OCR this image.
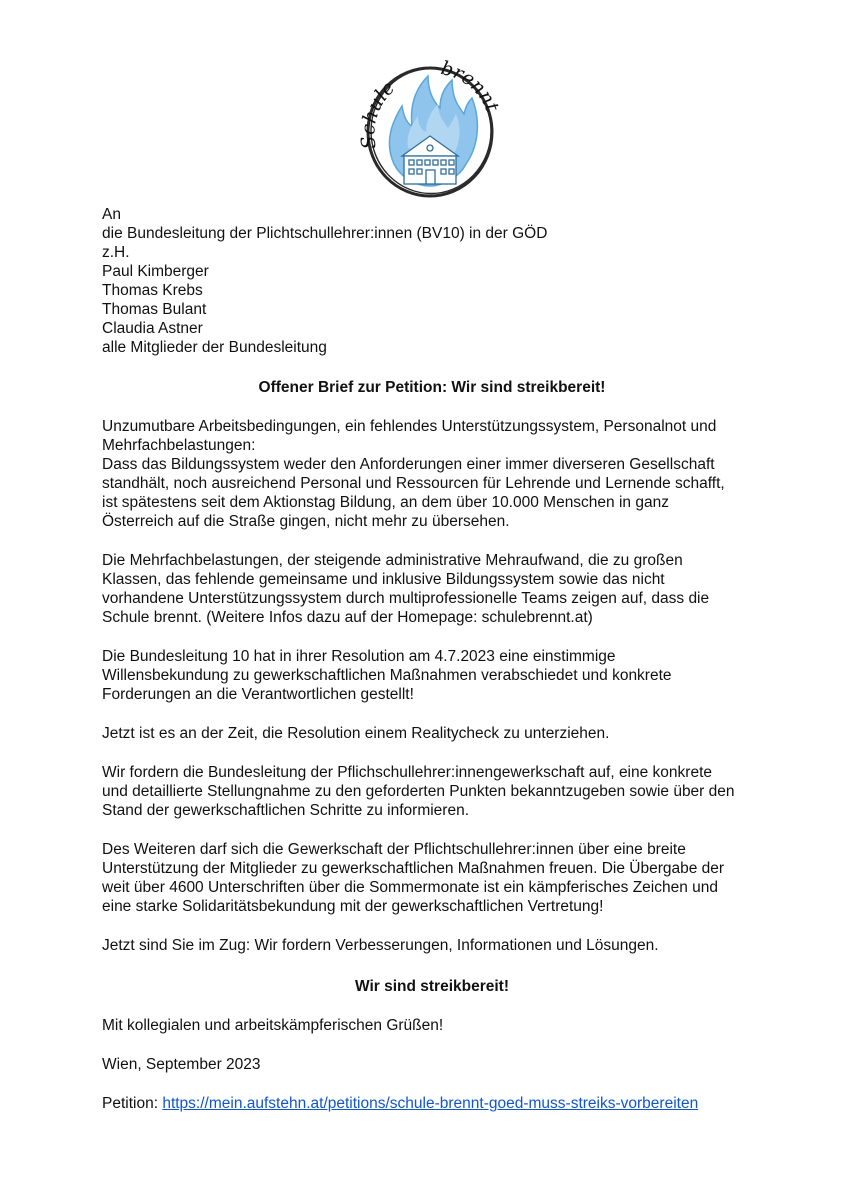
Schule
brennt
An
die Bundesleitung der Plichtschullehrer:innen (BV10) in der GÖD
z.H.
Paul Kimberger
Thomas Krebs
Thomas Bulant
Claudia Astner
alle Mitglieder der Bundesleitung
Offener Brief zur Petition: Wir sind streikbereit!

Unzumutbare Arbeitsbedingungen, ein fehlendes Unterstützungssystem, Personalnot und
Mehrfachbelastungen:
Dass das Bildungssystem weder den Anforderungen einer immer diverseren Gesellschaft
standhält, noch ausreichend Personal und Ressourcen für Lehrende und Lernende schafft,
ist spätestens seit dem Aktionstag Bildung, an dem über 10.000 Menschen in ganz
Österreich auf die Straße gingen, nicht mehr zu übersehen.

Die Mehrfachbelastungen, der steigende administrative Mehraufwand, die zu großen
Klassen, das fehlende gemeinsame und inklusive Bildungssystem sowie das nicht
vorhandene Unterstützungssystem durch multiprofessionelle Teams zeigen auf, dass die
Schule brennt. (Weitere Infos dazu auf der Homepage: schulebrennt.at)

Die Bundesleitung 10 hat in ihrer Resolution am 4.7.2023 eine einstimmige
Willensbekundung zu gewerkschaftlichen Maßnahmen verabschiedet und konkrete
Forderungen an die Verantwortlichen gestellt!

Jetzt ist es an der Zeit, die Resolution einem Realitycheck zu unterziehen.

Wir fordern die Bundesleitung der Pflichschullehrer:innengewerkschaft auf, eine konkrete
und detaillierte Stellungnahme zu den geforderten Punkten bekanntzugeben sowie über den
Stand der gewerkschaftlichen Schritte zu informieren.

Des Weiteren darf sich die Gewerkschaft der Pflichtschullehrer:innen über eine breite
Unterstützung der Mitglieder zu gewerkschaftlichen Maßnahmen freuen. Die Übergabe der
weit über 4600 Unterschriften über die Sommermonate ist ein kämpferisches Zeichen und
eine starke Solidaritätsbekundung mit der gewerkschaftlichen Vertretung!

Jetzt sind Sie im Zug: Wir fordern Verbesserungen, Informationen und Lösungen.

Wir sind streikbereit!

Mit kollegialen und arbeitskämpferischen Grüßen!

Wien, September 2023

Petition: https://mein.aufstehn.at/petitions/schule-brennt-goed-muss-streiks-vorbereiten
